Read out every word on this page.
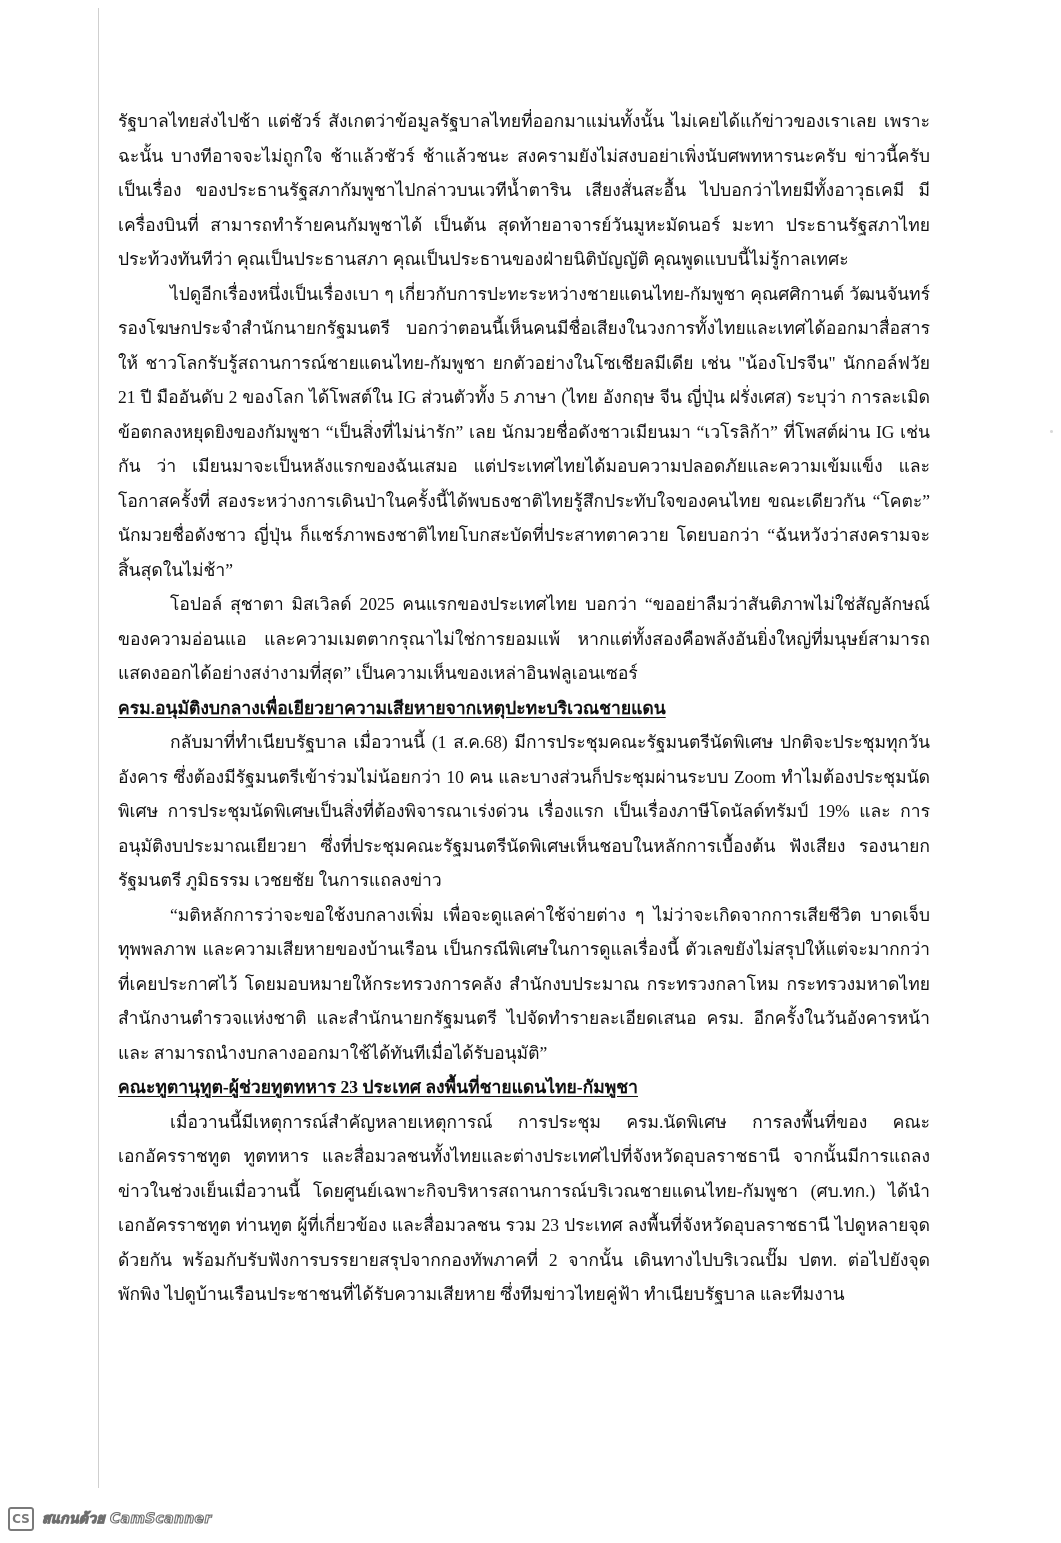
รัฐบาลไทยส่งไปช้า แต่ชัวร์ สังเกตว่าข้อมูลรัฐบาลไทยที่ออกมาแม่นทั้งนั้น ไม่เคยได้แก้ข่าวของเราเลย เพราะฉะนั้น บางทีอาจจะไม่ถูกใจ ช้าแล้วชัวร์ ช้าแล้วชนะ สงครามยังไม่สงบอย่าเพิ่งนับศพทหารนะครับ ข่าวนี้ครับเป็นเรื่อง ของประธานรัฐสภากัมพูชาไปกล่าวบนเวทีน้ำตาริน เสียงสั่นสะอื้น ไปบอกว่าไทยมีทั้งอาวุธเคมี มีเครื่องบินที่ สามารถทำร้ายคนกัมพูชาได้ เป็นต้น สุดท้ายอาจารย์วันมูหะมัดนอร์ มะทา ประธานรัฐสภาไทย ประท้วงทันทีว่า คุณเป็นประธานสภา คุณเป็นประธานของฝ่ายนิติบัญญัติ คุณพูดแบบนี้ไม่รู้กาลเทศะ

ไปดูอีกเรื่องหนึ่งเป็นเรื่องเบา ๆ เกี่ยวกับการปะทะระหว่างชายแดนไทย-กัมพูชา คุณศศิกานต์ วัฒนจันทร์ รองโฆษกประจำสำนักนายกรัฐมนตรี บอกว่าตอนนี้เห็นคนมีชื่อเสียงในวงการทั้งไทยและเทศได้ออกมาสื่อสารให้ ชาวโลกรับรู้สถานการณ์ชายแดนไทย-กัมพูชา ยกตัวอย่างในโซเชียลมีเดีย เช่น "น้องโปรจีน" นักกอล์ฟวัย 21 ปี มืออันดับ 2 ของโลก ได้โพสต์ใน IG ส่วนตัวทั้ง 5 ภาษา (ไทย อังกฤษ จีน ญี่ปุ่น ฝรั่งเศส) ระบุว่า การละเมิด ข้อตกลงหยุดยิงของกัมพูชา “เป็นสิ่งที่ไม่น่ารัก” เลย นักมวยชื่อดังชาวเมียนมา “เวโรลิก้า” ที่โพสต์ผ่าน IG เช่นกัน ว่า เมียนมาจะเป็นหลังแรกของฉันเสมอ แต่ประเทศไทยได้มอบความปลอดภัยและความเข้มแข็ง และโอกาสครั้งที่ สองระหว่างการเดินป่าในครั้งนี้ได้พบธงชาติไทยรู้สึกประทับใจของคนไทย ขณะเดียวกัน “โคตะ” นักมวยชื่อดังชาว ญี่ปุ่น ก็แชร์ภาพธงชาติไทยโบกสะบัดที่ประสาทตาควาย โดยบอกว่า “ฉันหวังว่าสงครามจะสิ้นสุดในไม่ช้า”

โอปอล์ สุชาตา มิสเวิลด์ 2025 คนแรกของประเทศไทย บอกว่า “ขออย่าลืมว่าสันติภาพไม่ใช่สัญลักษณ์ ของความอ่อนแอ และความเมตตากรุณาไม่ใช่การยอมแพ้ หากแต่ทั้งสองคือพลังอันยิ่งใหญ่ที่มนุษย์สามารถ แสดงออกได้อย่างสง่างามที่สุด” เป็นความเห็นของเหล่าอินฟลูเอนเซอร์

ครม.อนุมัติงบกลางเพื่อเยียวยาความเสียหายจากเหตุปะทะบริเวณชายแดน

กลับมาที่ทำเนียบรัฐบาล เมื่อวานนี้ (1 ส.ค.68) มีการประชุมคณะรัฐมนตรีนัดพิเศษ ปกติจะประชุมทุกวัน อังคาร ซึ่งต้องมีรัฐมนตรีเข้าร่วมไม่น้อยกว่า 10 คน และบางส่วนก็ประชุมผ่านระบบ Zoom ทำไมต้องประชุมนัด พิเศษ การประชุมนัดพิเศษเป็นสิ่งที่ต้องพิจารณาเร่งด่วน เรื่องแรก เป็นเรื่องภาษีโดนัลด์ทรัมป์ 19% และ การอนุมัติงบประมาณเยียวยา ซึ่งที่ประชุมคณะรัฐมนตรีนัดพิเศษเห็นชอบในหลักการเบื้องต้น ฟังเสียง รองนายกรัฐมนตรี ภูมิธรรม เวชยชัย ในการแถลงข่าว

“มติหลักการว่าจะขอใช้งบกลางเพิ่ม เพื่อจะดูแลค่าใช้จ่ายต่าง ๆ ไม่ว่าจะเกิดจากการเสียชีวิต บาดเจ็บ ทุพพลภาพ และความเสียหายของบ้านเรือน เป็นกรณีพิเศษในการดูแลเรื่องนี้ ตัวเลขยังไม่สรุปให้แต่จะมากกว่า ที่เคยประกาศไว้ โดยมอบหมายให้กระทรวงการคลัง สำนักงบประมาณ กระทรวงกลาโหม กระทรวงมหาดไทย สำนักงานตำรวจแห่งชาติ และสำนักนายกรัฐมนตรี ไปจัดทำรายละเอียดเสนอ ครม. อีกครั้งในวันอังคารหน้า และ สามารถนำงบกลางออกมาใช้ได้ทันทีเมื่อได้รับอนุมัติ”

คณะทูตานุทูต-ผู้ช่วยทูตทหาร 23 ประเทศ ลงพื้นที่ชายแดนไทย-กัมพูชา

เมื่อวานนี้มีเหตุการณ์สำคัญหลายเหตุการณ์ การประชุม ครม.นัดพิเศษ การลงพื้นที่ของ คณะเอกอัครราชทูต ทูตทหาร และสื่อมวลชนทั้งไทยและต่างประเทศไปที่จังหวัดอุบลราชธานี จากนั้นมีการแถลง ข่าวในช่วงเย็นเมื่อวานนี้ โดยศูนย์เฉพาะกิจบริหารสถานการณ์บริเวณชายแดนไทย-กัมพูชา (ศบ.ทก.) ได้นำเอกอัครราชทูต ท่านทูต ผู้ที่เกี่ยวข้อง และสื่อมวลชน รวม 23 ประเทศ ลงพื้นที่จังหวัดอุบลราชธานี ไปดูหลายจุดด้วยกัน พร้อมกับรับฟังการบรรยายสรุปจากกองทัพภาคที่ 2 จากนั้น เดินทางไปบริเวณปั๊ม ปตท. ต่อไปยังจุดพักพิง ไปดูบ้านเรือนประชาชนที่ได้รับความเสียหาย ซึ่งทีมข่าวไทยคู่ฟ้า ทำเนียบรัฐบาล และทีมงาน

CS สแกนด้วย CamScanner
